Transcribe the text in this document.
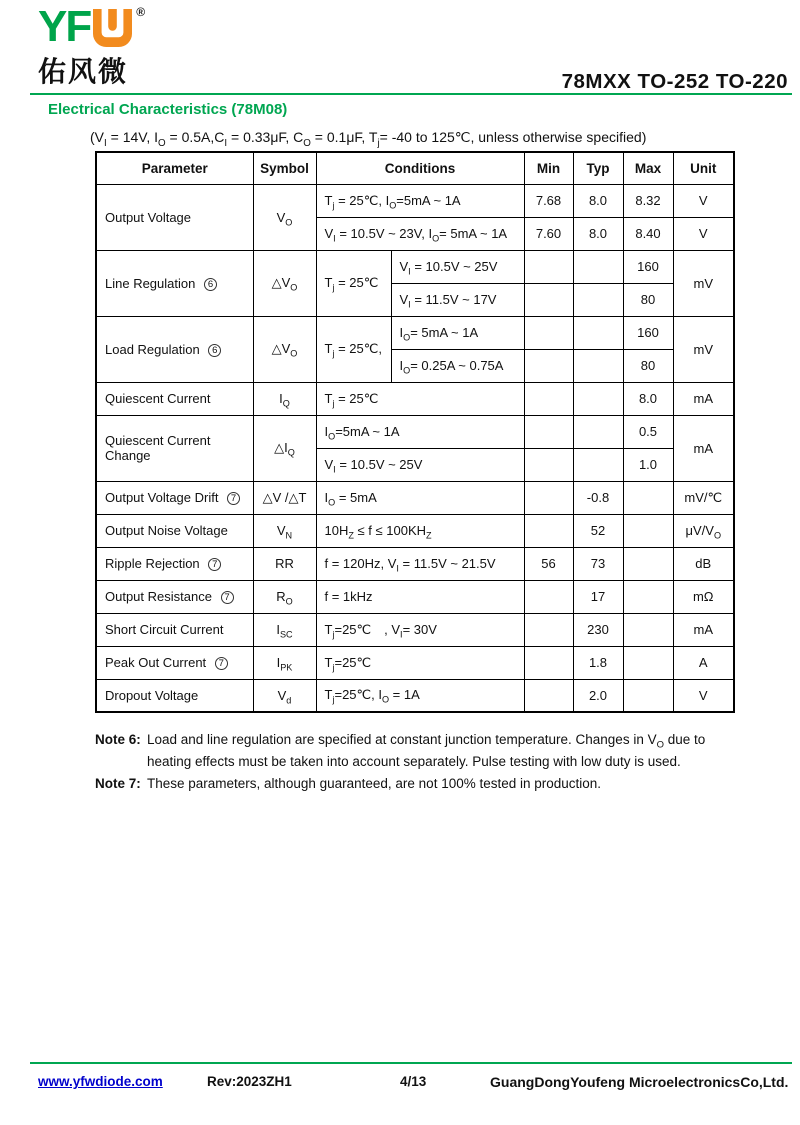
YF	®
佑风微	78MXX TO-252 TO-220
Electrical Characteristics (78M08)

($V_I = 14V$, $I_O = 0.5A,C_I = 0.33\mu F$, $C_O = 0.1\mu F$, $T_j= -40$ to 125℃, unless otherwise specified)

Parameter	Symbol	Conditions		Min	Typ	Max	Unit
Output Voltage	$V_O$	$T_j$ = 25℃, $I_O=5mA$ ~ 1A		7.68	8.0	8.32	V
		$V_I = 10.5V$ ~ 23V, $I_O= 5mA$ ~ 1A		7.60	8.0	8.40	V
Line Regulation 6	$\triangle V_O$	$T_j$ = 25℃	$V_I = 10.5V$ ~ 25V			160	mV
			$V_I = 11.5V$ ~ 17V			80	
Load Regulation 6	$\triangle V_O$	$T_j$ = 25℃,	$I_O= 5mA$ ~ 1A			160	mV
			$I_O= 0.25A$ ~ 0.75A			80	
Quiescent Current	$I_Q$	$T_j$ = 25℃				8.0	mA
Quiescent Current Change	$\triangle I_Q$	$I_O=5mA$ ~ 1A				0.5	mA
		$V_I = 10.5V$ ~ 25V				1.0	
Output Voltage Drift 7	△V /△T	$I_O = 5mA$			-0.8		mV/℃
Output Noise Voltage	$V_N$	$10H_Z \le f \le 100KH_Z$			52		$\mu V/V_O$
Ripple Rejection 7	RR	f = 120Hz, $V_I = 11.5V$ ~ 21.5V		56	73		dB
Output Resistance 7	$R_O$	f = 1kHz			17		mΩ
Short Circuit Current	$I_{SC}$	$T_j=25℃$ , $V_I= 30V$			230		mA
Peak Out Current 7	$I_{PK}$	$T_j=25℃$			1.8		A
Dropout Voltage	$V_d$	$T_j=25℃$, $I_O = 1A$			2.0		V
Note 6: Load and line regulation are specified at constant junction temperature. Changes in $V_O$ due to heating effects must be taken into account separately. Pulse testing with low duty is used.
Note 7: These parameters, although guaranteed, are not 100% tested in production.
www.yfwdiode.com	Rev:2023ZH1	4/13	GuangDongYoufeng MicroelectronicsCo,Ltd.
